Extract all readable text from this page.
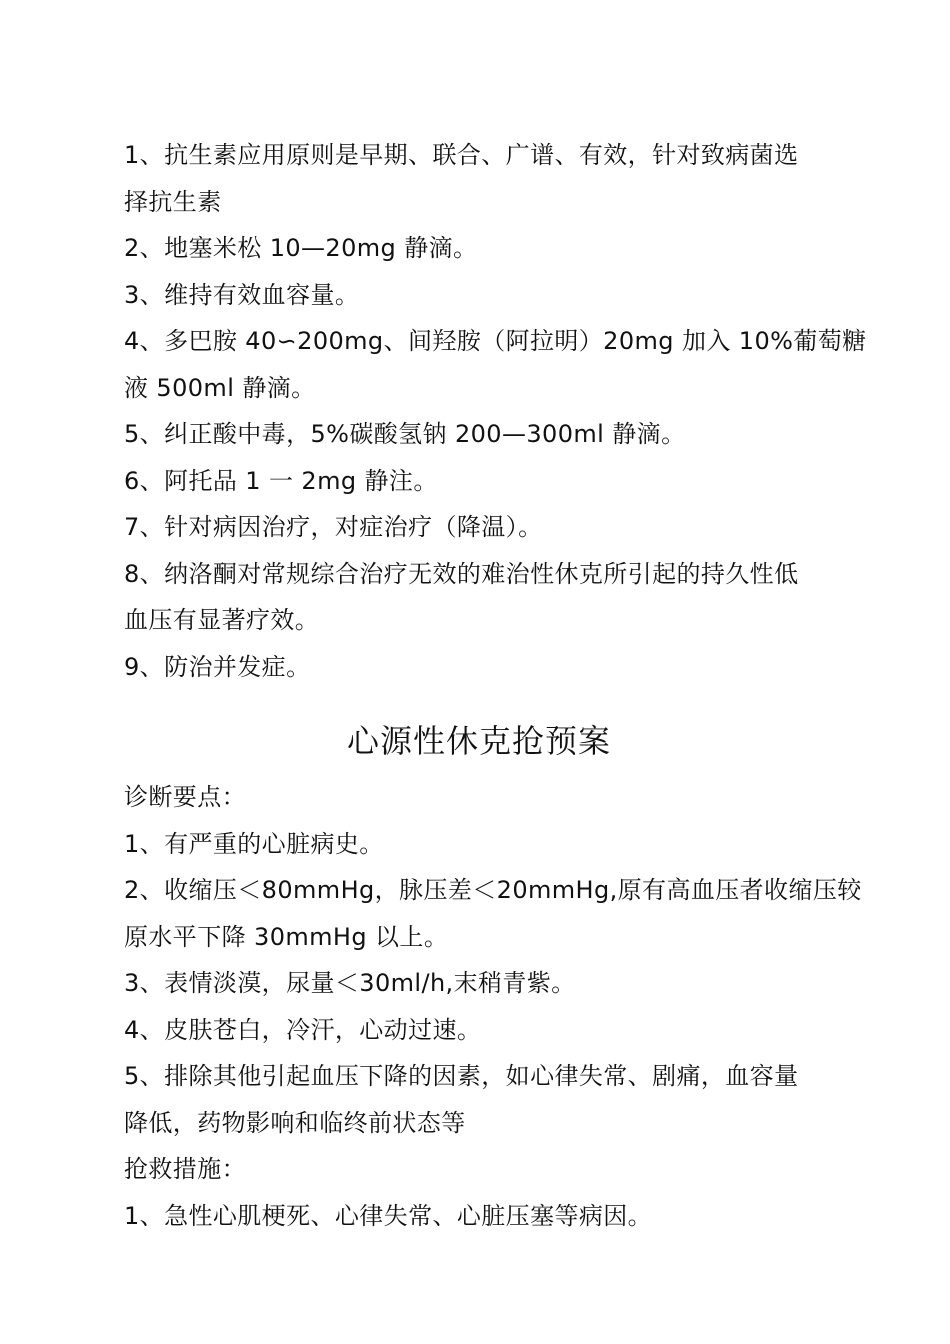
1、抗生素应用原则是早期、联合、广谱、有效，针对致病菌选
择抗生素
2、地塞米松 10—20mg 静滴。
3、维持有效血容量。
4、多巴胺 40∽200mg、间羟胺（阿拉明）20mg 加入 10%葡萄糖
液 500ml 静滴。
5、纠正酸中毒，5%碳酸氢钠 200—300ml 静滴。
6、阿托品 1 一 2mg 静注。
7、针对病因治疗，对症治疗（降温）。
8、纳洛酮对常规综合治疗无效的难治性休克所引起的持久性低
血压有显著疗效。
9、防治并发症。
心源性休克抢预案
诊断要点：
1、有严重的心脏病史。
2、收缩压＜80mmHg，脉压差＜20mmHg,原有高血压者收缩压较
原水平下降 30mmHg 以上。
3、表情淡漠，尿量＜30ml/h,末稍青紫。
4、皮肤苍白，冷汗，心动过速。
5、排除其他引起血压下降的因素，如心律失常、剧痛，血容量
降低，药物影响和临终前状态等
抢救措施：
1、急性心肌梗死、心律失常、心脏压塞等病因。
